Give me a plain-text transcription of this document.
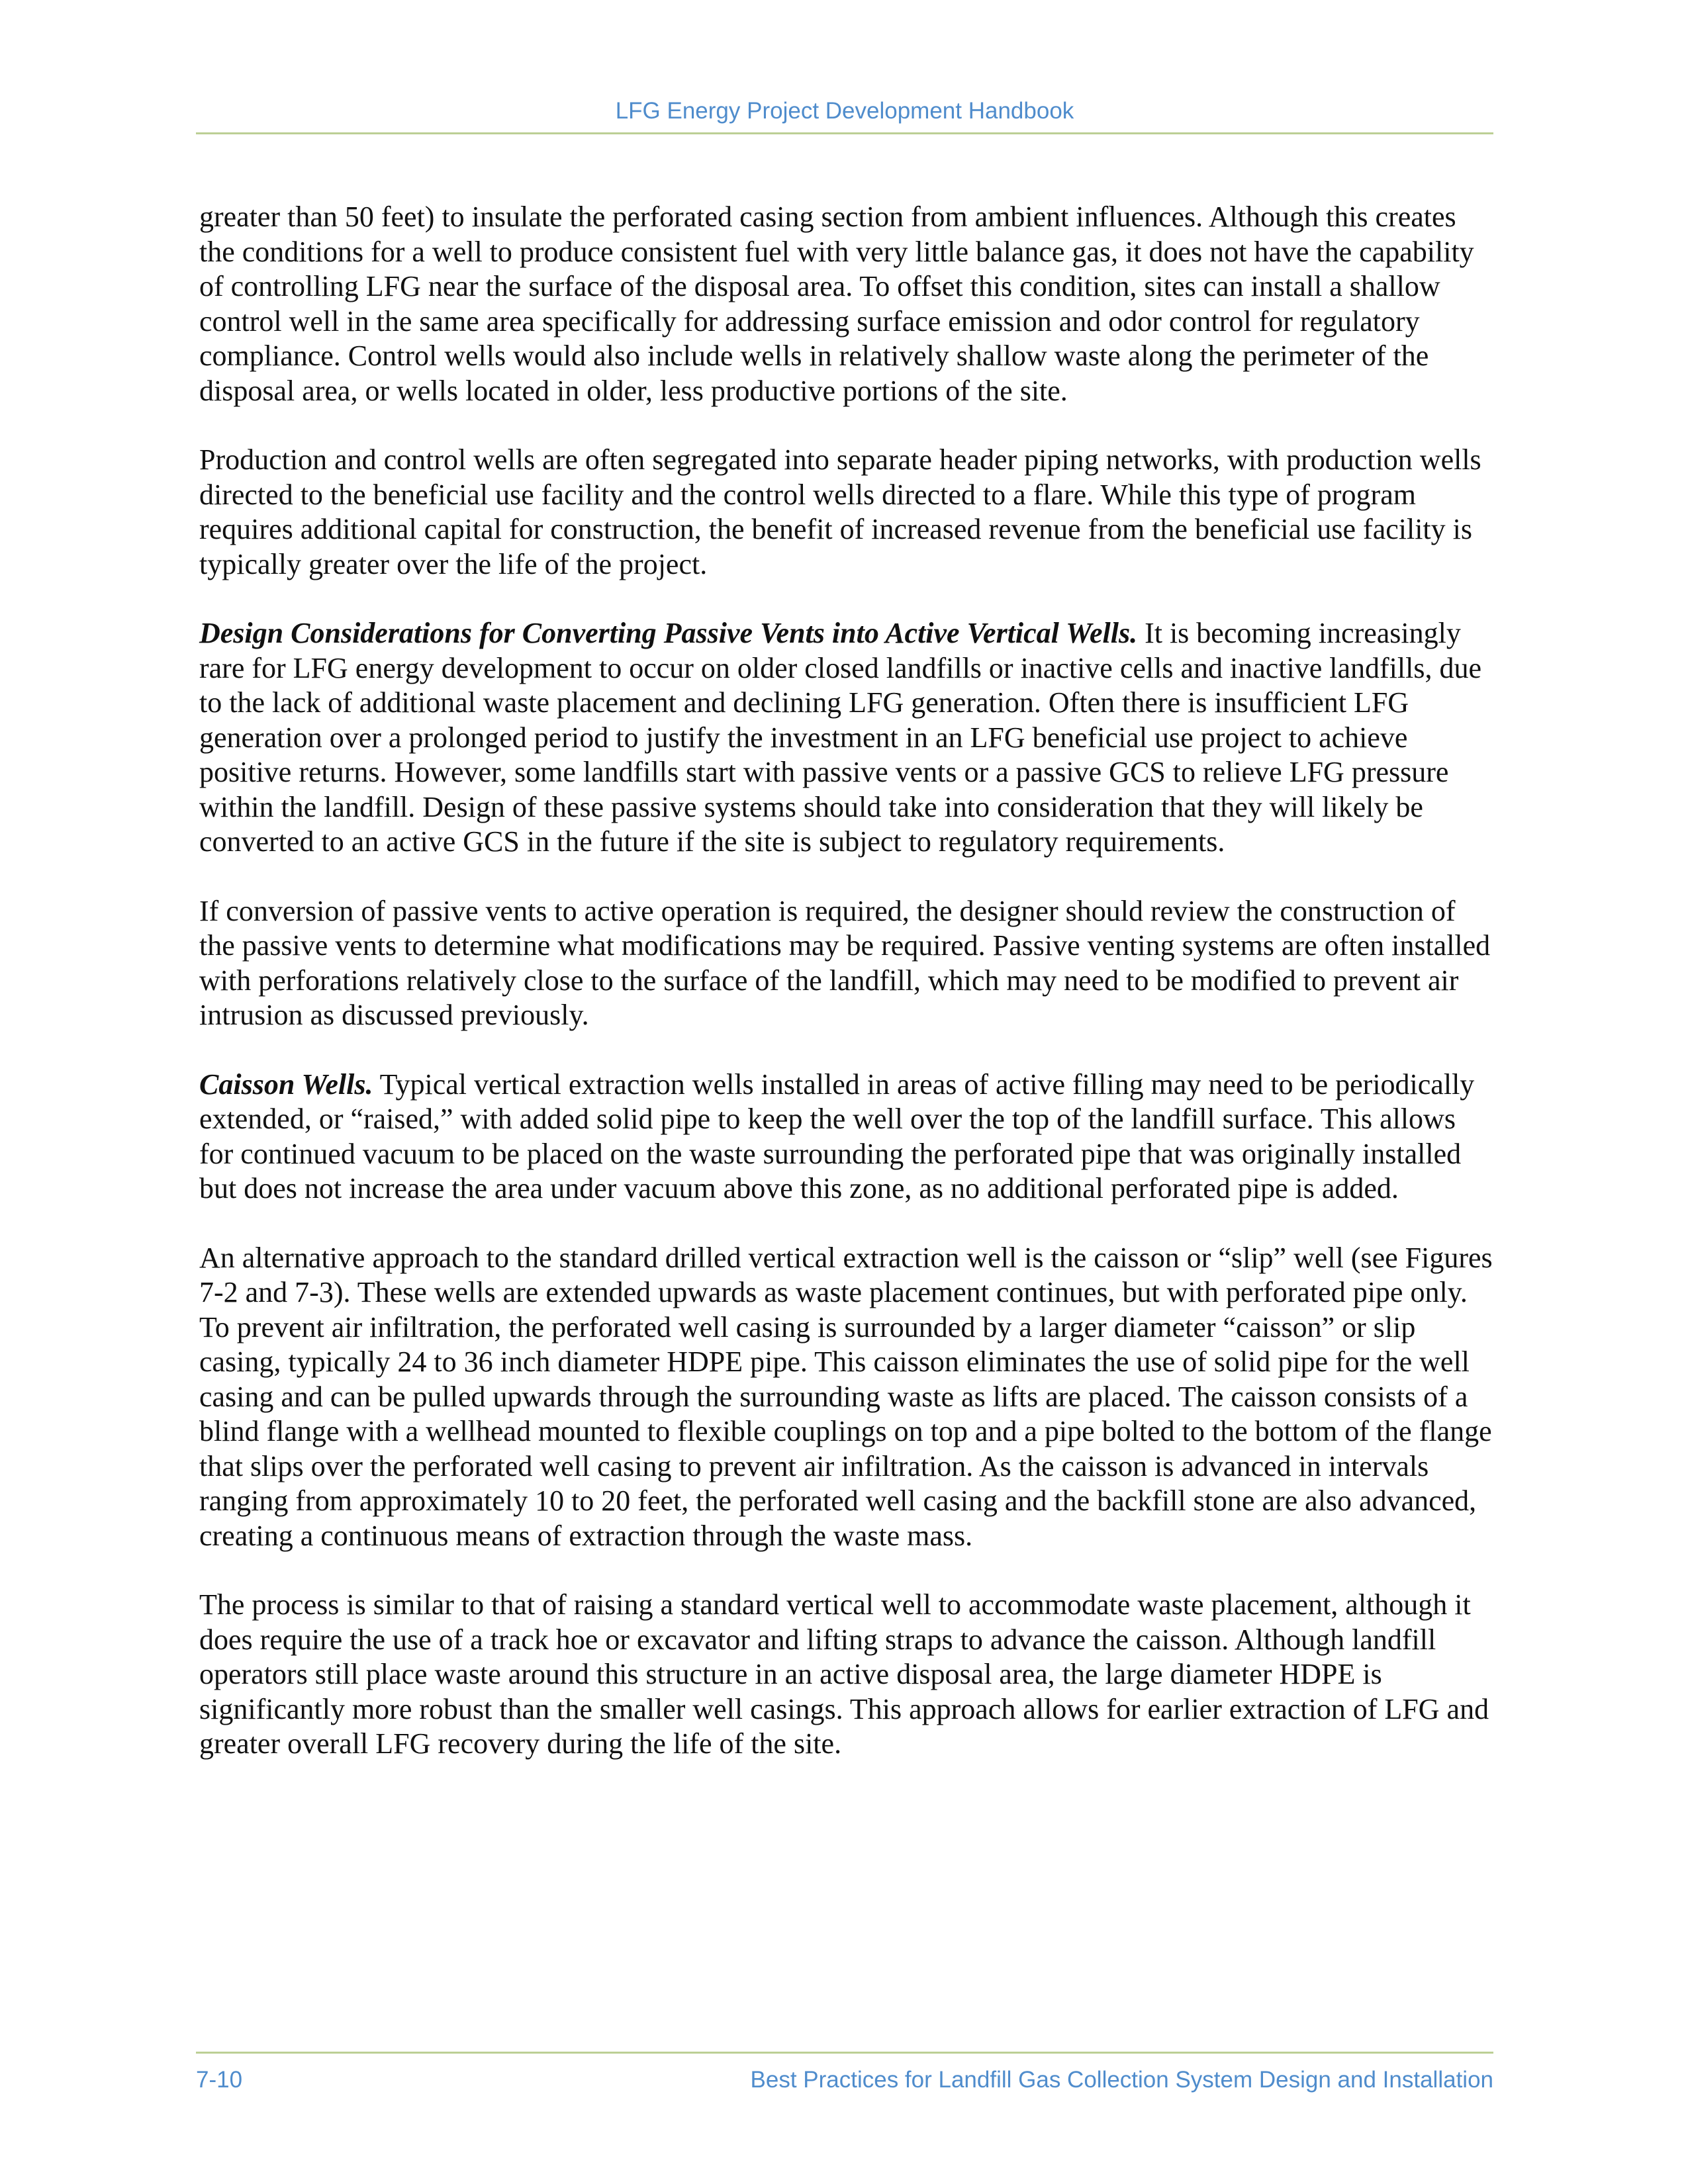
LFG Energy Project Development Handbook

greater than 50 feet) to insulate the perforated casing section from ambient influences. Although this creates the conditions for a well to produce consistent fuel with very little balance gas, it does not have the capability of controlling LFG near the surface of the disposal area. To offset this condition, sites can install a shallow control well in the same area specifically for addressing surface emission and odor control for regulatory compliance. Control wells would also include wells in relatively shallow waste along the perimeter of the disposal area, or wells located in older, less productive portions of the site.

Production and control wells are often segregated into separate header piping networks, with production wells directed to the beneficial use facility and the control wells directed to a flare. While this type of program requires additional capital for construction, the benefit of increased revenue from the beneficial use facility is typically greater over the life of the project.

Design Considerations for Converting Passive Vents into Active Vertical Wells. It is becoming increasingly rare for LFG energy development to occur on older closed landfills or inactive cells and inactive landfills, due to the lack of additional waste placement and declining LFG generation. Often there is insufficient LFG generation over a prolonged period to justify the investment in an LFG beneficial use project to achieve positive returns. However, some landfills start with passive vents or a passive GCS to relieve LFG pressure within the landfill. Design of these passive systems should take into consideration that they will likely be converted to an active GCS in the future if the site is subject to regulatory requirements.

If conversion of passive vents to active operation is required, the designer should review the construction of the passive vents to determine what modifications may be required. Passive venting systems are often installed with perforations relatively close to the surface of the landfill, which may need to be modified to prevent air intrusion as discussed previously.

Caisson Wells. Typical vertical extraction wells installed in areas of active filling may need to be periodically extended, or “raised,” with added solid pipe to keep the well over the top of the landfill surface. This allows for continued vacuum to be placed on the waste surrounding the perforated pipe that was originally installed but does not increase the area under vacuum above this zone, as no additional perforated pipe is added.

An alternative approach to the standard drilled vertical extraction well is the caisson or “slip” well (see Figures 7-2 and 7-3). These wells are extended upwards as waste placement continues, but with perforated pipe only. To prevent air infiltration, the perforated well casing is surrounded by a larger diameter “caisson” or slip casing, typically 24 to 36 inch diameter HDPE pipe. This caisson eliminates the use of solid pipe for the well casing and can be pulled upwards through the surrounding waste as lifts are placed. The caisson consists of a blind flange with a wellhead mounted to flexible couplings on top and a pipe bolted to the bottom of the flange that slips over the perforated well casing to prevent air infiltration. As the caisson is advanced in intervals ranging from approximately 10 to 20 feet, the perforated well casing and the backfill stone are also advanced, creating a continuous means of extraction through the waste mass.

The process is similar to that of raising a standard vertical well to accommodate waste placement, although it does require the use of a track hoe or excavator and lifting straps to advance the caisson. Although landfill operators still place waste around this structure in an active disposal area, the large diameter HDPE is significantly more robust than the smaller well casings. This approach allows for earlier extraction of LFG and greater overall LFG recovery during the life of the site.

7-10	Best Practices for Landfill Gas Collection System Design and Installation
